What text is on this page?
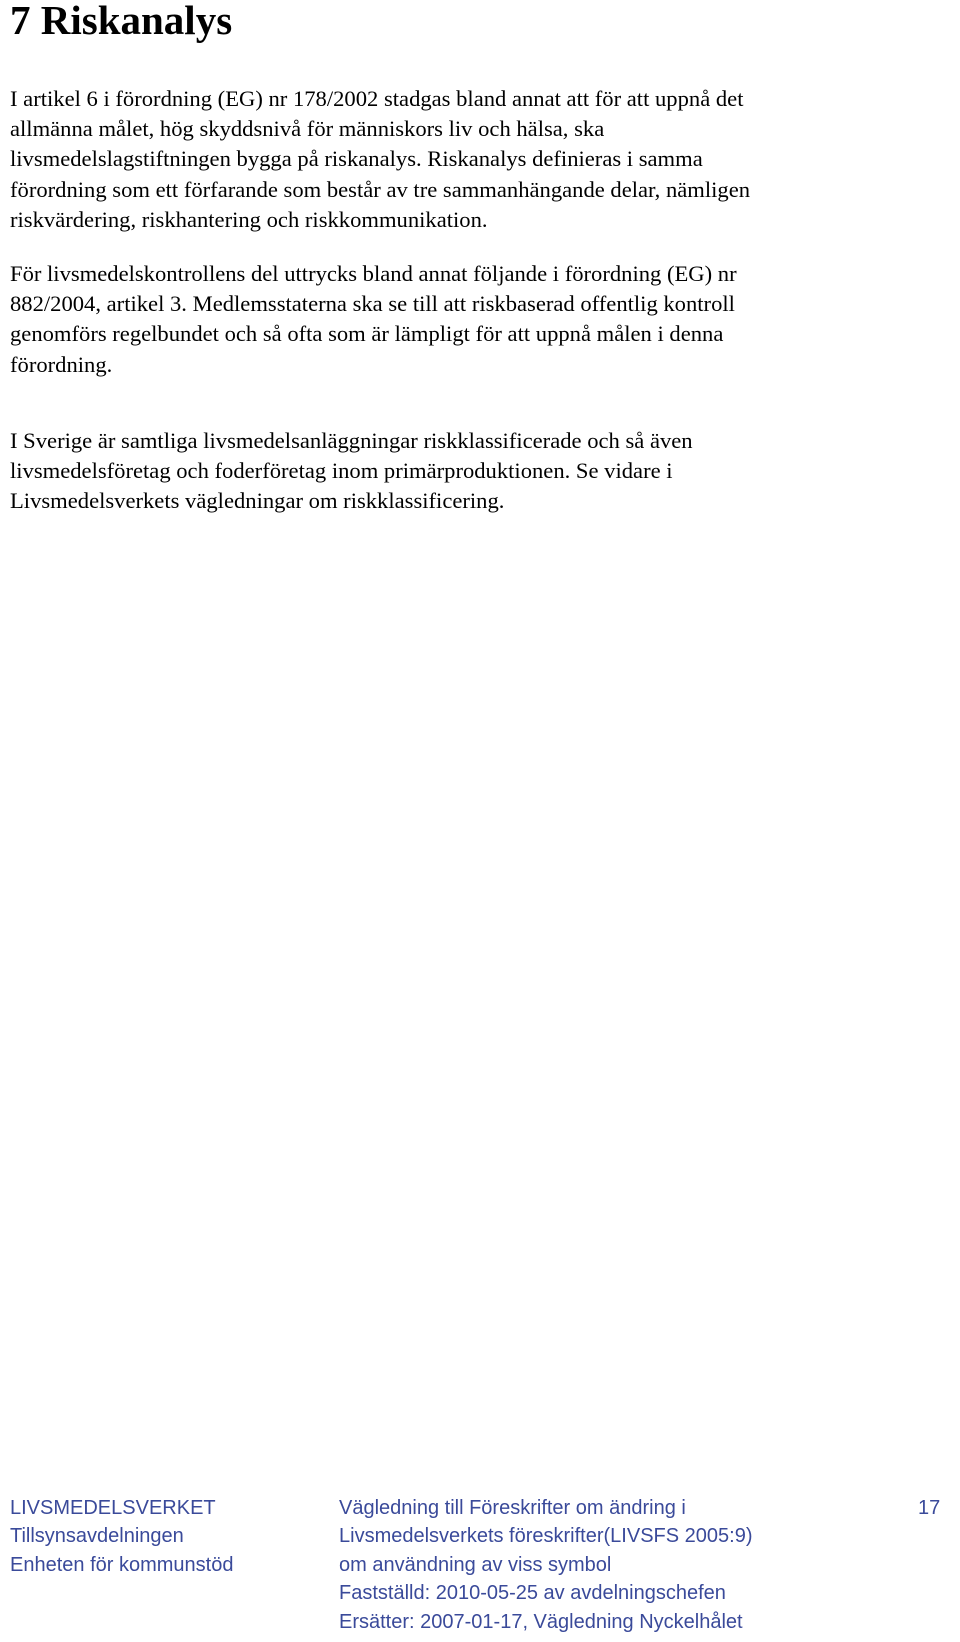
7 Riskanalys

I artikel 6 i förordning (EG) nr 178/2002 stadgas bland annat att för att uppnå det
allmänna målet, hög skyddsnivå för människors liv och hälsa, ska
livsmedelslagstiftningen bygga på riskanalys. Riskanalys definieras i samma
förordning som ett förfarande som består av tre sammanhängande delar, nämligen
riskvärdering, riskhantering och riskkommunikation.

För livsmedelskontrollens del uttrycks bland annat följande i förordning (EG) nr
882/2004, artikel 3. Medlemsstaterna ska se till att riskbaserad offentlig kontroll
genomförs regelbundet och så ofta som är lämpligt för att uppnå målen i denna
förordning.

I Sverige är samtliga livsmedelsanläggningar riskklassificerade och så även
livsmedelsföretag och foderföretag inom primärproduktionen. Se vidare i
Livsmedelsverkets vägledningar om riskklassificering.

LIVSMEDELSVERKET
Tillsynsavdelningen
Enheten för kommunstöd
Vägledning till Föreskrifter om ändring i
Livsmedelsverkets föreskrifter(LIVSFS 2005:9)
om användning av viss symbol
Fastställd: 2010-05-25 av avdelningschefen
Ersätter: 2007-01-17, Vägledning Nyckelhålet
17
